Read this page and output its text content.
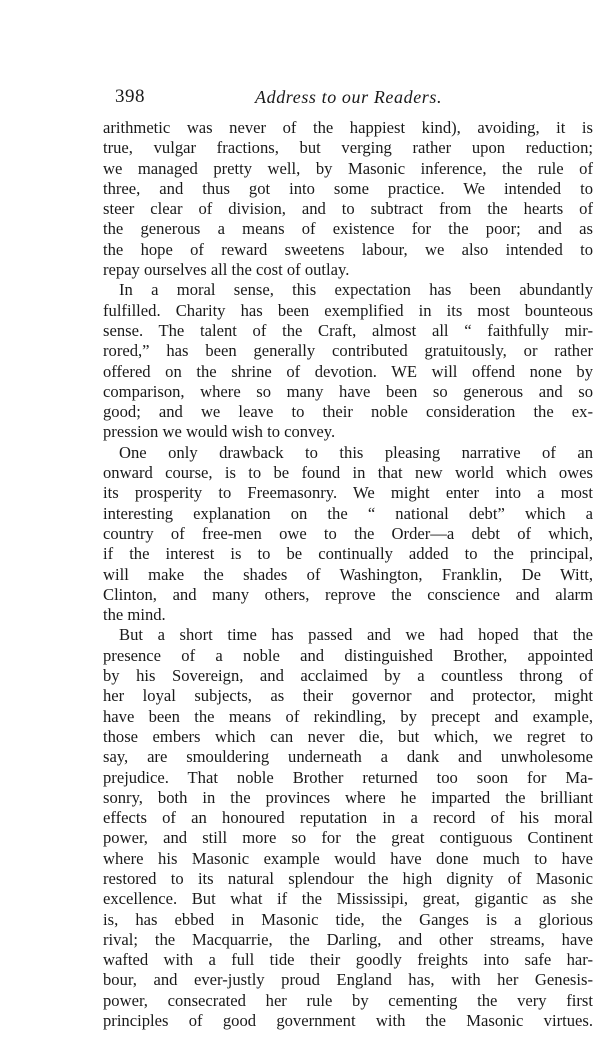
398	Address to our Readers.
arithmetic was never of the happiest kind), avoiding, it is
true, vulgar fractions, but verging rather upon reduction;
we managed pretty well, by Masonic inference, the rule of
three, and thus got into some practice. We intended to
steer clear of division, and to subtract from the hearts of
the generous a means of existence for the poor; and as
the hope of reward sweetens labour, we also intended to
repay ourselves all the cost of outlay.
In a moral sense, this expectation has been abundantly
fulfilled. Charity has been exemplified in its most bounteous
sense. The talent of the Craft, almost all “ faithfully mir-
rored,” has been generally contributed gratuitously, or rather
offered on the shrine of devotion. WE will offend none by
comparison, where so many have been so generous and so
good; and we leave to their noble consideration the ex-
pression we would wish to convey.
One only drawback to this pleasing narrative of an
onward course, is to be found in that new world which owes
its prosperity to Freemasonry. We might enter into a most
interesting explanation on the “ national debt” which a
country of free-men owe to the Order—a debt of which,
if the interest is to be continually added to the principal,
will make the shades of Washington, Franklin, De Witt,
Clinton, and many others, reprove the conscience and alarm
the mind.
But a short time has passed and we had hoped that the
presence of a noble and distinguished Brother, appointed
by his Sovereign, and acclaimed by a countless throng of
her loyal subjects, as their governor and protector, might
have been the means of rekindling, by precept and example,
those embers which can never die, but which, we regret to
say, are smouldering underneath a dank and unwholesome
prejudice. That noble Brother returned too soon for Ma-
sonry, both in the provinces where he imparted the brilliant
effects of an honoured reputation in a record of his moral
power, and still more so for the great contiguous Continent
where his Masonic example would have done much to have
restored to its natural splendour the high dignity of Masonic
excellence. But what if the Mississipi, great, gigantic as she
is, has ebbed in Masonic tide, the Ganges is a glorious
rival; the Macquarrie, the Darling, and other streams, have
wafted with a full tide their goodly freights into safe har-
bour, and ever-justly proud England has, with her Genesis-
power, consecrated her rule by cementing the very first
principles of good government with the Masonic virtues.
